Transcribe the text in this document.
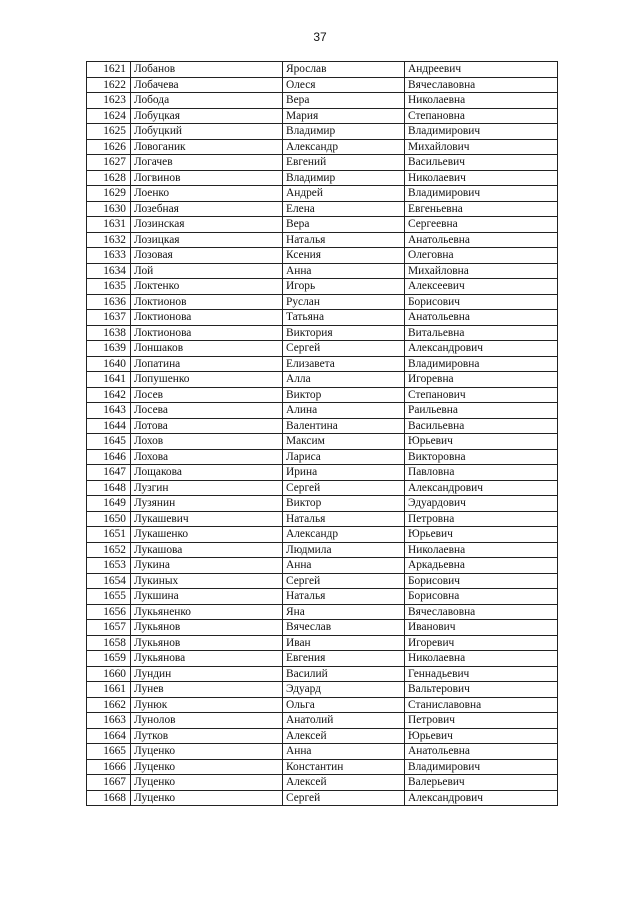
37
1621	Лобанов	Ярослав	Андреевич
1622	Лобачева	Олеся	Вячеславовна
1623	Лобода	Вера	Николаевна
1624	Лобуцкая	Мария	Степановна
1625	Лобуцкий	Владимир	Владимирович
1626	Ловоганик	Александр	Михайлович
1627	Логачев	Евгений	Васильевич
1628	Логвинов	Владимир	Николаевич
1629	Лоенко	Андрей	Владимирович
1630	Лозебная	Елена	Евгеньевна
1631	Лозинская	Вера	Сергеевна
1632	Лозицкая	Наталья	Анатольевна
1633	Лозовая	Ксения	Олеговна
1634	Лой	Анна	Михайловна
1635	Локтенко	Игорь	Алексеевич
1636	Локтионов	Руслан	Борисович
1637	Локтионова	Татьяна	Анатольевна
1638	Локтионова	Виктория	Витальевна
1639	Лоншаков	Сергей	Александрович
1640	Лопатина	Елизавета	Владимировна
1641	Лопушенко	Алла	Игоревна
1642	Лосев	Виктор	Степанович
1643	Лосева	Алина	Раильевна
1644	Лотова	Валентина	Васильевна
1645	Лохов	Максим	Юрьевич
1646	Лохова	Лариса	Викторовна
1647	Лощакова	Ирина	Павловна
1648	Лузгин	Сергей	Александрович
1649	Лузянин	Виктор	Эдуардович
1650	Лукашевич	Наталья	Петровна
1651	Лукашенко	Александр	Юрьевич
1652	Лукашова	Людмила	Николаевна
1653	Лукина	Анна	Аркадьевна
1654	Лукиных	Сергей	Борисович
1655	Лукшина	Наталья	Борисовна
1656	Лукьяненко	Яна	Вячеславовна
1657	Лукьянов	Вячеслав	Иванович
1658	Лукьянов	Иван	Игоревич
1659	Лукьянова	Евгения	Николаевна
1660	Лундин	Василий	Геннадьевич
1661	Лунев	Эдуард	Вальтерович
1662	Лунюк	Ольга	Станиславовна
1663	Лунолов	Анатолий	Петрович
1664	Лутков	Алексей	Юрьевич
1665	Луценко	Анна	Анатольевна
1666	Луценко	Константин	Владимирович
1667	Луценко	Алексей	Валерьевич
1668	Луценко	Сергей	Александрович
